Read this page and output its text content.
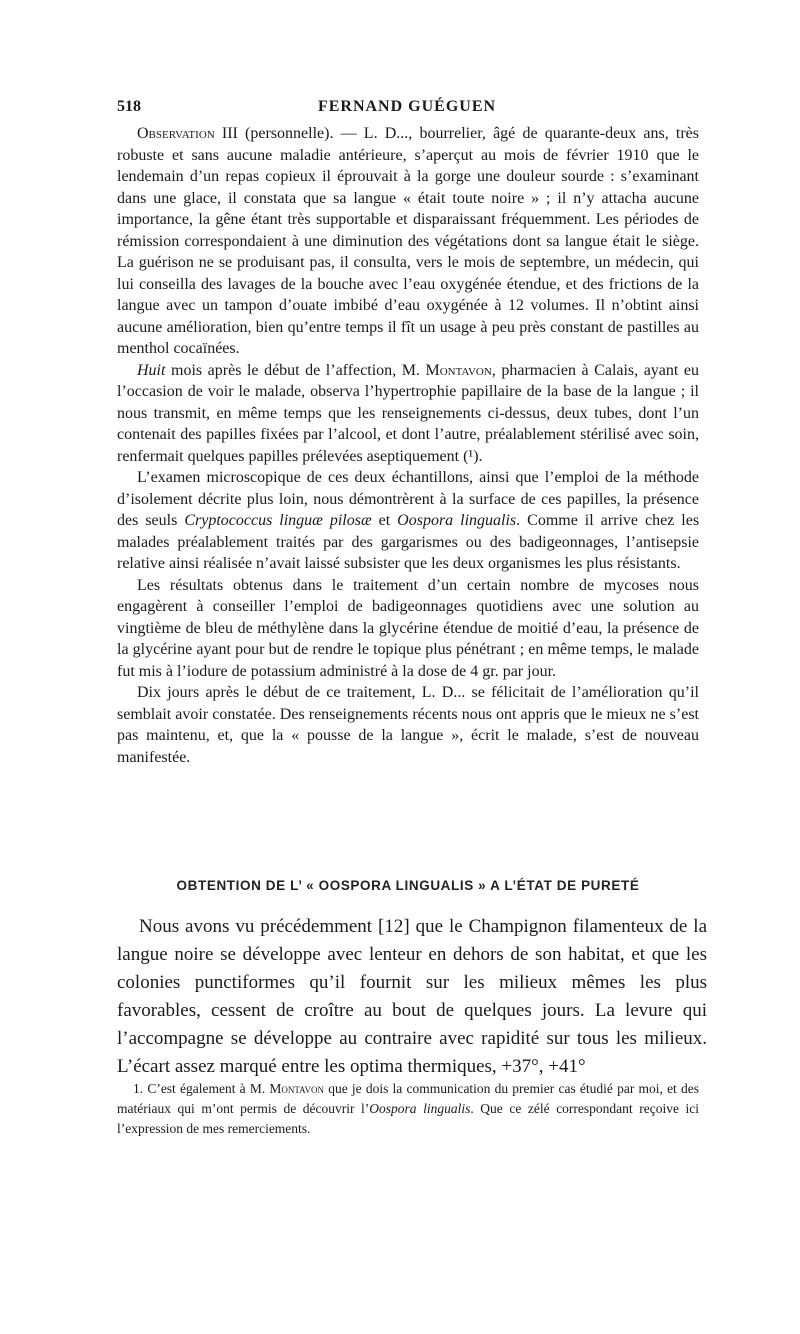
518	FERNAND GUÉGUEN

Observation III (personnelle). — L. D..., bourrelier, âgé de quarante-deux ans, très robuste et sans aucune maladie antérieure, s’aperçut au mois de février 1910 que le lendemain d’un repas copieux il éprouvait à la gorge une douleur sourde : s’examinant dans une glace, il constata que sa langue « était toute noire » ; il n’y attacha aucune importance, la gêne étant très supportable et disparaissant fréquemment. Les périodes de rémission correspondaient à une diminution des végétations dont sa langue était le siège. La guérison ne se produisant pas, il consulta, vers le mois de septembre, un médecin, qui lui conseilla des lavages de la bouche avec l’eau oxygénée étendue, et des frictions de la langue avec un tampon d’ouate imbibé d’eau oxygénée à 12 volumes. Il n’obtint ainsi aucune amélioration, bien qu’entre temps il fît un usage à peu près constant de pastilles au menthol cocaïnées.

Huit mois après le début de l’affection, M. Montavon, pharmacien à Calais, ayant eu l’occasion de voir le malade, observa l’hypertrophie papillaire de la base de la langue ; il nous transmit, en même temps que les renseignements ci-dessus, deux tubes, dont l’un contenait des papilles fixées par l’alcool, et dont l’autre, préalablement stérilisé avec soin, renfermait quelques papilles prélevées aseptiquement (¹).

L’examen microscopique de ces deux échantillons, ainsi que l’emploi de la méthode d’isolement décrite plus loin, nous démontrèrent à la surface de ces papilles, la présence des seuls Cryptococcus linguæ pilosæ et Oospora lingualis. Comme il arrive chez les malades préalablement traités par des gargarismes ou des badigeonnages, l’antisepsie relative ainsi réalisée n’avait laissé subsister que les deux organismes les plus résistants.

Les résultats obtenus dans le traitement d’un certain nombre de mycoses nous engagèrent à conseiller l’emploi de badigeonnages quotidiens avec une solution au vingtième de bleu de méthylène dans la glycérine étendue de moitié d’eau, la présence de la glycérine ayant pour but de rendre le topique plus pénétrant ; en même temps, le malade fut mis à l’iodure de potassium administré à la dose de 4 gr. par jour.

Dix jours après le début de ce traitement, L. D... se félicitait de l’amélioration qu’il semblait avoir constatée. Des renseignements récents nous ont appris que le mieux ne s’est pas maintenu, et, que la « pousse de la langue », écrit le malade, s’est de nouveau manifestée.

OBTENTION DE L’ « OOSPORA LINGUALIS » A L’ÉTAT DE PURETÉ

Nous avons vu précédemment [12] que le Champignon filamenteux de la langue noire se développe avec lenteur en dehors de son habitat, et que les colonies punctiformes qu’il fournit sur les milieux mêmes les plus favorables, cessent de croître au bout de quelques jours. La levure qui l’accompagne se développe au contraire avec rapidité sur tous les milieux. L’écart assez marqué entre les optima thermiques, +37°, +41°

1. C’est également à M. Montavon que je dois la communication du premier cas étudié par moi, et des matériaux qui m’ont permis de découvrir l’Oospora lingualis. Que ce zélé correspondant reçoive ici l’expression de mes remerciements.
